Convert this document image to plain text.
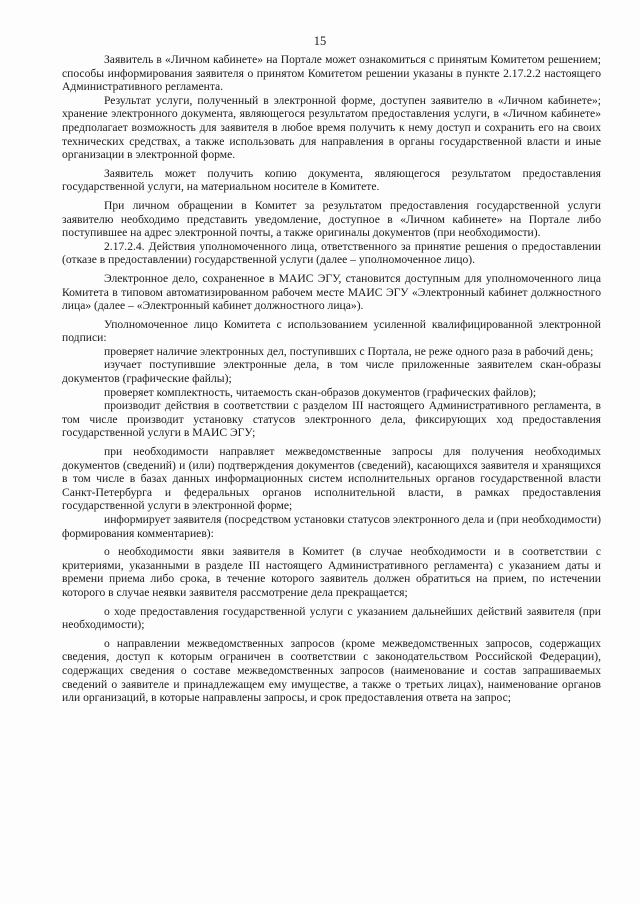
15

Заявитель в «Личном кабинете» на Портале может ознакомиться с принятым Комитетом решением; способы информирования заявителя о принятом Комитетом решении указаны в пункте 2.17.2.2 настоящего Административного регламента.

Результат услуги, полученный в электронной форме, доступен заявителю в «Личном кабинете»; хранение электронного документа, являющегося результатом предоставления услуги, в «Личном кабинете» предполагает возможность для заявителя в любое время получить к нему доступ и сохранить его на своих технических средствах, а также использовать для направления в органы государственной власти и иные организации в электронной форме.

Заявитель может получить копию документа, являющегося результатом предоставления государственной услуги, на материальном носителе в Комитете.

При личном обращении в Комитет за результатом предоставления государственной услуги заявителю необходимо представить уведомление, доступное в «Личном кабинете» на Портале либо поступившее на адрес электронной почты, а также оригиналы документов (при необходимости).

2.17.2.4. Действия уполномоченного лица, ответственного за принятие решения о предоставлении (отказе в предоставлении) государственной услуги (далее – уполномоченное лицо).

Электронное дело, сохраненное в МАИС ЭГУ, становится доступным для уполномоченного лица Комитета в типовом автоматизированном рабочем месте МАИС ЭГУ «Электронный кабинет должностного лица» (далее – «Электронный кабинет должностного лица»).

Уполномоченное лицо Комитета с использованием усиленной квалифицированной электронной подписи:

проверяет наличие электронных дел, поступивших с Портала, не реже одного раза в рабочий день;

изучает поступившие электронные дела, в том числе приложенные заявителем скан-образы документов (графические файлы);

проверяет комплектность, читаемость скан-образов документов (графических файлов);

производит действия в соответствии с разделом III настоящего Административного регламента, в том числе производит установку статусов электронного дела, фиксирующих ход предоставления государственной услуги в МАИС ЭГУ;

при необходимости направляет межведомственные запросы для получения необходимых документов (сведений) и (или) подтверждения документов (сведений), касающихся заявителя и хранящихся в том числе в базах данных информационных систем исполнительных органов государственной власти Санкт-Петербурга и федеральных органов исполнительной власти, в рамках предоставления государственной услуги в электронной форме;

информирует заявителя (посредством установки статусов электронного дела и (при необходимости) формирования комментариев):

о необходимости явки заявителя в Комитет (в случае необходимости и в соответствии с критериями, указанными в разделе III настоящего Административного регламента) с указанием даты и времени приема либо срока, в течение которого заявитель должен обратиться на прием, по истечении которого в случае неявки заявителя рассмотрение дела прекращается;

о ходе предоставления государственной услуги с указанием дальнейших действий заявителя (при необходимости);

о направлении межведомственных запросов (кроме межведомственных запросов, содержащих сведения, доступ к которым ограничен в соответствии с законодательством Российской Федерации), содержащих сведения о составе межведомственных запросов (наименование и состав запрашиваемых сведений о заявителе и принадлежащем ему имуществе, а также о третьих лицах), наименование органов или организаций, в которые направлены запросы, и срок предоставления ответа на запрос;
